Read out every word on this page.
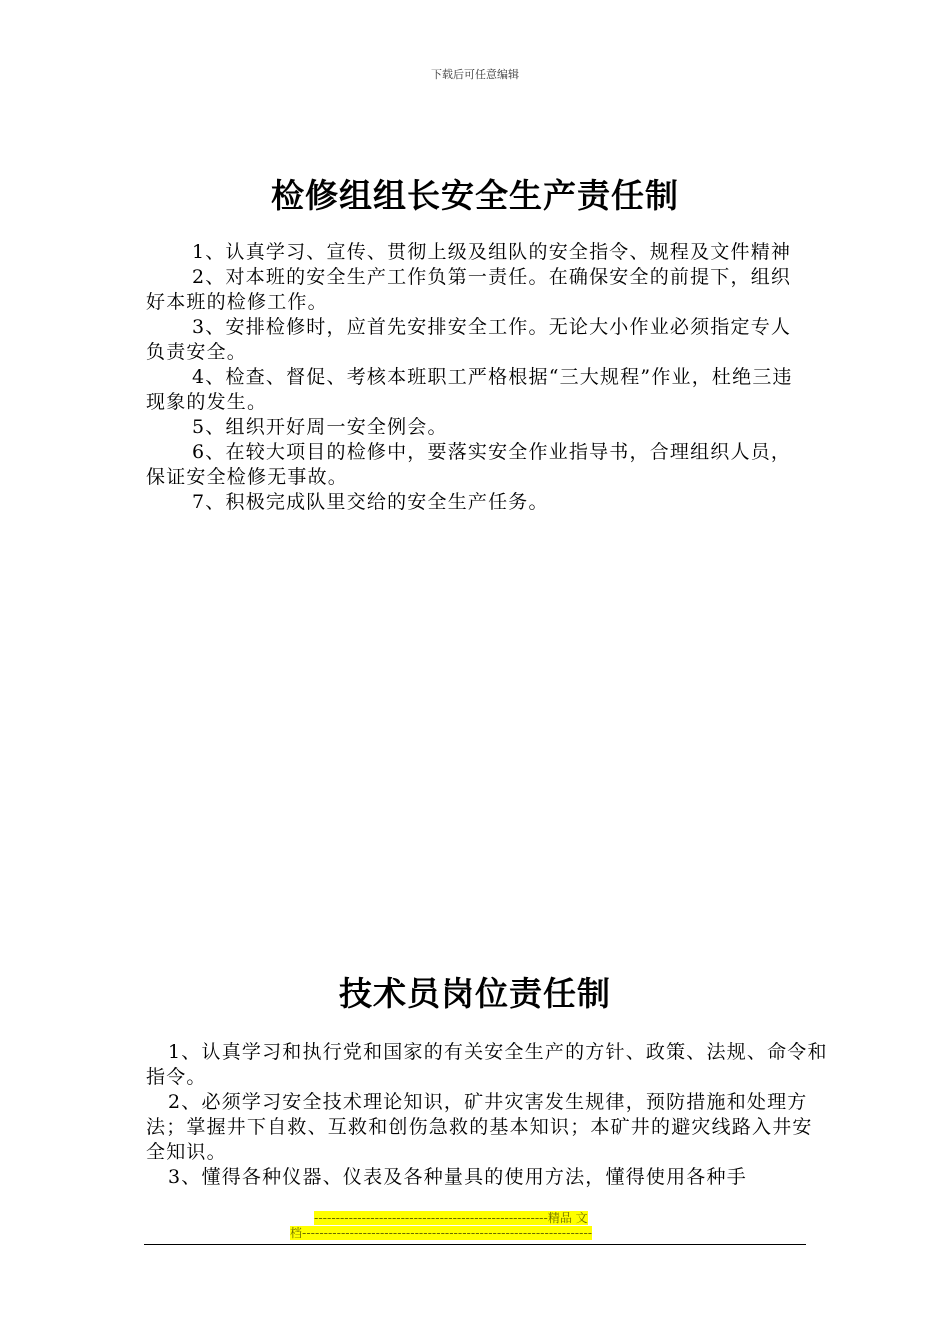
下载后可任意编辑
检修组组长安全生产责任制

1、认真学习、宣传、贯彻上级及组队的安全指令、规程及文件精神

2、对本班的安全生产工作负第一责任。在确保安全的前提下，组织好本班的检修工作。

3、安排检修时，应首先安排安全工作。无论大小作业必须指定专人负责安全。

4、检查、督促、考核本班职工严格根据“三大规程”作业，杜绝三违现象的发生。

5、组织开好周一安全例会。

6、在较大项目的检修中，要落实安全作业指导书，合理组织人员，保证安全检修无事故。

7、积极完成队里交给的安全生产任务。

技术员岗位责任制

1、认真学习和执行党和国家的有关安全生产的方针、政策、法规、命令和指令。

2、必须学习安全技术理论知识，矿井灾害发生规律，预防措施和处理方法；掌握井下自救、互救和创伤急救的基本知识；本矿井的避灾线路入井安全知识。

3、懂得各种仪器、仪表及各种量具的使用方法，懂得使用各种手

------------------------------------------------------精品 文
档-------------------------------------------------------------------
